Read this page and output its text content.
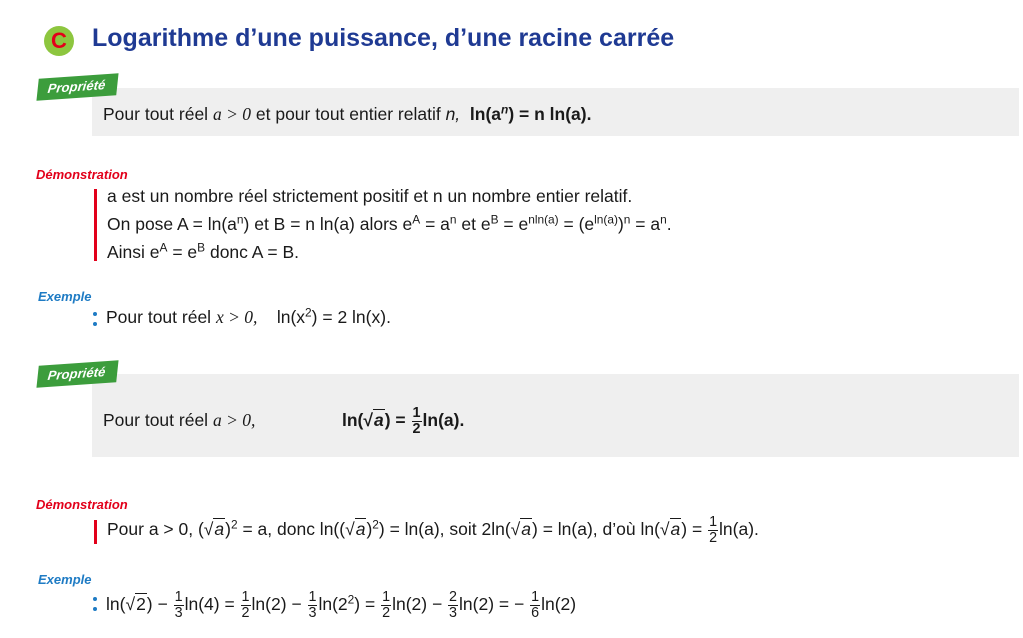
C Logarithme d’une puissance, d’une racine carrée
Propriété
Pour tout réel a > 0 et pour tout entier relatif n, $\ln(a^n) = n$ ln(a).
Démonstration
a est un nombre réel strictement positif et n un nombre entier relatif.
On pose $A = \ln(a^n)$ et B = n ln(a) alors $e^A = a^n$ et $e^B = e^{nln(a)} = (e^{ln(a)})^n = a^n$.
Ainsi $e^A = e^B$ donc A = B.
Exemple
Pour tout réel x > 0, $\ln(x^2) = 2$ ln(x).
Propriété
Pour tout réel a > 0,	$\ln(√a) = \frac{1}{2} \ln(a)$.
Démonstration
Pour a > 0, $(√a)^2 = a$, donc $\ln((√a)^2) = \ln(a)$, soit 2ln(√a) = ln(a), d’où $\ln(√a) = \frac{1}{2} \ln(a)$.
Exemple
$\ln(√2) - \frac{1}{3} \ln(4) = \frac{1}{2} \ln(2) - \frac{1}{3} \ln(2^2) = \frac{1}{2} \ln(2) - \frac{2}{3} \ln(2)$ = − $\frac{1}{6} \ln(2)$
